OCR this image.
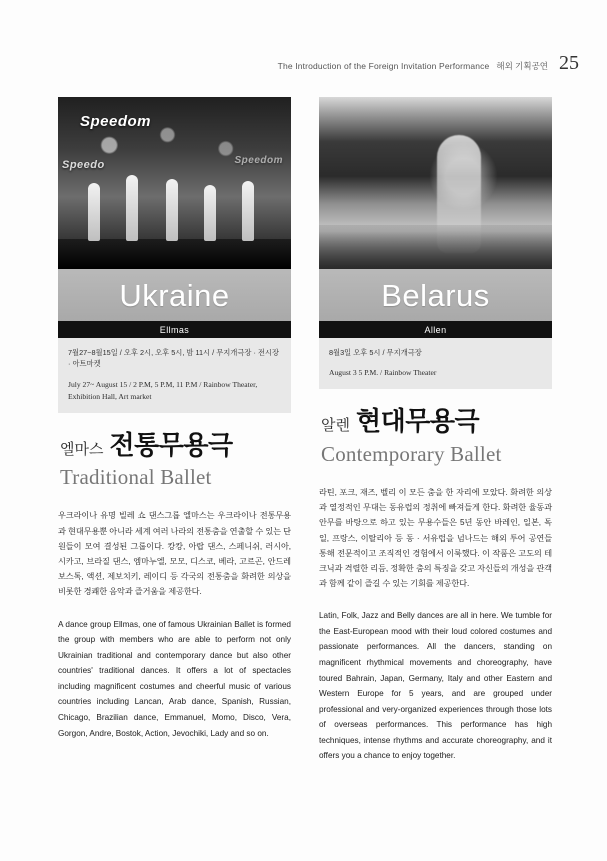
The Introduction of the Foreign Invitation Performance 해외 기획공연 25
Speedom
Speedo	Speedom
Ukraine
Ellmas
7월27~8월15일 / 오후 2시, 오후 5시, 밤 11시 / 무지개극장 · 전시장 · 아트마켓
July 27~ August 15 / 2 P.M, 5 P.M, 11 P.M / Rainbow Theater, Exhibition Hall, Art market
엘마스 전통무용극
Traditional Ballet
우크라이나 유명 빌레 쇼 댄스그룹 엘마스는 우크라이나 전통무용과 현대무용뿐 아니라 세계 여러 나라의 전통춤을 연출할 수 있는 단원들이 모여 결성된 그룹이다. 캉캉, 아랍 댄스, 스페니쉬, 러시아, 시카고, 브라질 댄스, 엠마누엘, 모모, 디스코, 베라, 고르곤, 안드레 보스톡, 액션, 제보치키, 레이디 등 각국의 전통춤을 화려한 의상을 비롯한 경쾌한 음악과 즐거움을 제공한다.
A dance group Ellmas, one of famous Ukrainian Ballet is formed the group with members who are able to perform not only Ukrainian traditional and contemporary dance but also other countries' traditional dances. It offers a lot of spectacles including magnificent costumes and cheerful music of various countries including Lancan, Arab dance, Spanish, Russian, Chicago, Brazilian dance, Emmanuel, Momo, Disco, Vera, Gorgon, Andre, Bostok, Action, Jevochiki, Lady and so on.
Belarus
Allen
8월3일 오후 5시 / 무지개극장
August 3 5 P.M. / Rainbow Theater
알렌 현대무용극
Contemporary Ballet
라틴, 포크, 재즈, 벨리 이 모든 춤을 한 자리에 모았다. 화려한 의상과 열정적인 무대는 동유럽의 정취에 빠져들게 한다. 화려한 율동과 안무를 바탕으로 하고 있는 무용수들은 5년 동안 바레인, 일본, 독일, 프랑스, 이탈리아 등 동 · 서유럽을 넘나드는 해외 투어 공연들 통해 전문적이고 조직적인 경험에서 이룩했다. 이 작품은 고도의 테크닉과 격렬한 리듬, 정확한 춤의 특징을 갖고 자신들의 개성을 관객과 함께 같이 즐길 수 있는 기회를 제공한다.
Latin, Folk, Jazz and Belly dances are all in here. We tumble for the East-European mood with their loud colored costumes and passionate performances. All the dancers, standing on magnificent rhythmical movements and choreography, have toured Bahrain, Japan, Germany, Italy and other Eastern and Western Europe for 5 years, and are grouped under professional and very-organized experiences through those lots of overseas performances. This performance has high techniques, intense rhythms and accurate choreography, and it offers you a chance to enjoy together.
